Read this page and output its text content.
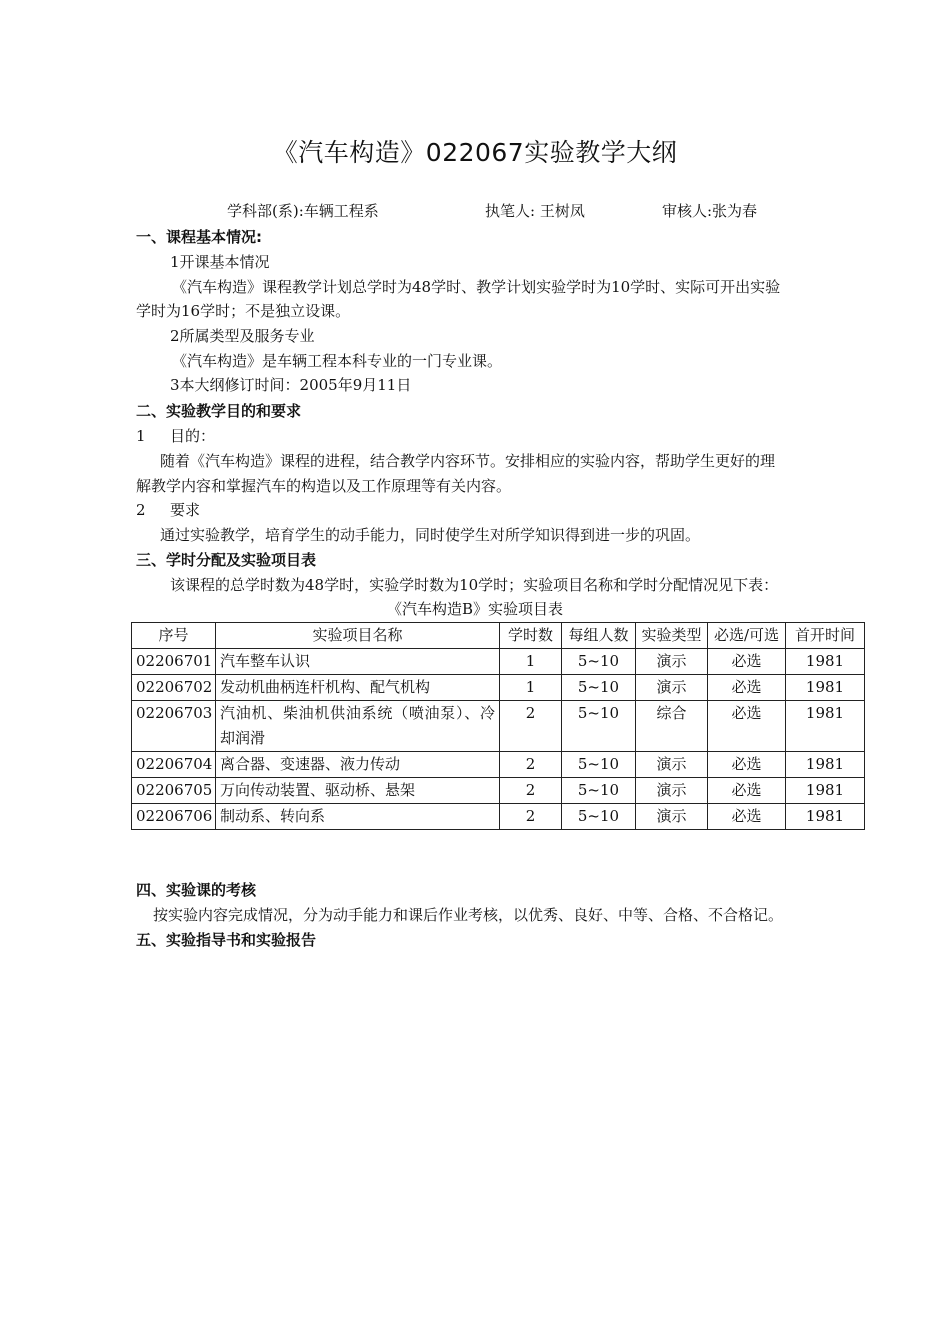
《汽车构造》022067实验教学大纲
学科部(系):车辆工程系	执笔人: 王树凤	审核人:张为春
一、课程基本情况:
1开课基本情况
《汽车构造》课程教学计划总学时为48学时、教学计划实验学时为10学时、实际可开出实验
学时为16学时；不是独立设课。
2所属类型及服务专业
《汽车构造》是车辆工程本科专业的一门专业课。
3本大纲修订时间：2005年9月11日
二、实验教学目的和要求
1 目的：
随着《汽车构造》课程的进程，结合教学内容环节。安排相应的实验内容，帮助学生更好的理
解教学内容和掌握汽车的构造以及工作原理等有关内容。
2 要求
通过实验教学，培育学生的动手能力，同时使学生对所学知识得到进一步的巩固。
三、学时分配及实验项目表
该课程的总学时数为48学时，实验学时数为10学时；实验项目名称和学时分配情况见下表：
《汽车构造B》实验项目表
序号	实验项目名称	学时数	每组人数	实验类型	必选/可选	首开时间
02206701	汽车整车认识	1	5~10	演示	必选	1981
02206702	发动机曲柄连杆机构、配气机构	1	5~10	演示	必选	1981
02206703	汽油机、柴油机供油系统（喷油泵）、冷却润滑	2	5~10	综合	必选	1981
02206704	离合器、变速器、液力传动	2	5~10	演示	必选	1981
02206705	万向传动装置、驱动桥、悬架	2	5~10	演示	必选	1981
02206706	制动系、转向系	2	5~10	演示	必选	1981
四、实验课的考核
按实验内容完成情况，分为动手能力和课后作业考核，以优秀、良好、中等、合格、不合格记。
五、实验指导书和实验报告
